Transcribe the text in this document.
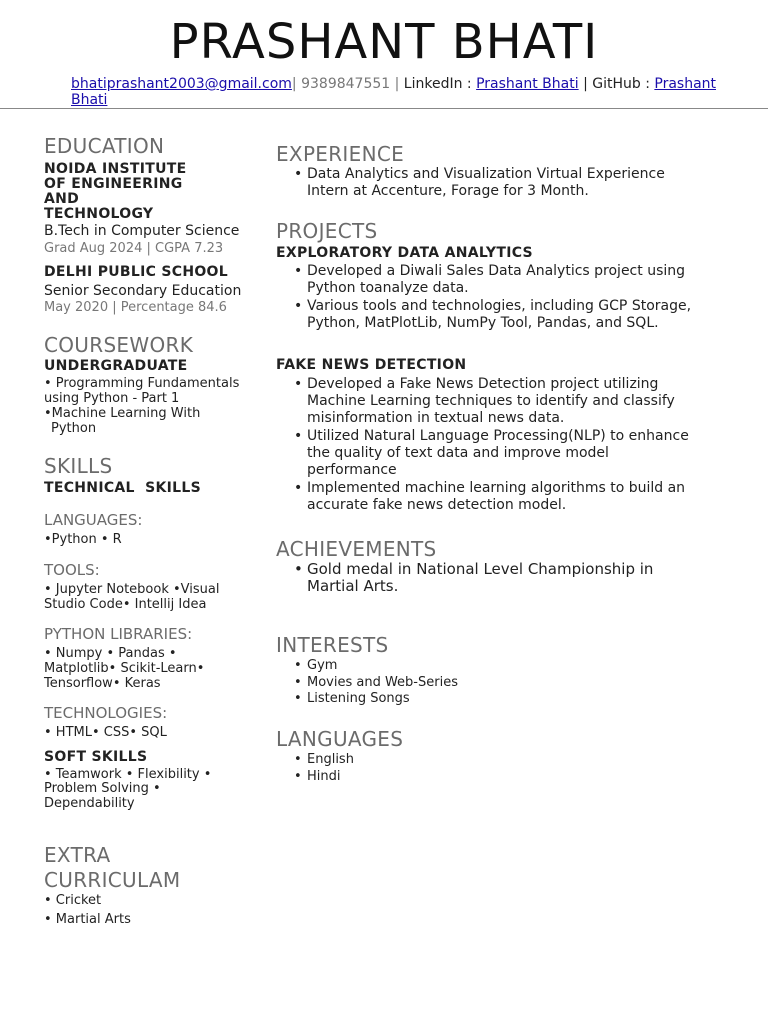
PRASHANT BHATI
bhatiprashant2003@gmail.com| 9389847551 | LinkedIn : Prashant Bhati | GitHub : Prashant Bhati
EDUCATION
NOIDA INSTITUTE
OF ENGINEERING
AND
TECHNOLOGY
B.Tech in Computer Science
Grad Aug 2024 | CGPA 7.23
DELHI PUBLIC SCHOOL
Senior Secondary Education
May 2020 | Percentage 84.6
COURSEWORK
UNDERGRADUATE
• Programming Fundamentals
using Python - Part 1
•Machine Learning With
Python
SKILLS
TECHNICAL  SKILLS
LANGUAGES:
•Python • R
TOOLS:
• Jupyter Notebook •Visual
Studio Code• Intellij Idea
PYTHON LIBRARIES:
• Numpy • Pandas •
Matplotlib• Scikit-Learn•
Tensorflow• Keras
TECHNOLOGIES:
• HTML• CSS• SQL
SOFT SKILLS
• Teamwork • Flexibility •
Problem Solving •
Dependability
EXTRA
CURRICULAM
• Cricket
• Martial Arts
EXPERIENCE
• Data Analytics and Visualization Virtual Experience Intern at Accenture, Forage for 3 Month.
PROJECTS
EXPLORATORY DATA ANALYTICS
• Developed a Diwali Sales Data Analytics project using Python toanalyze data.
• Various tools and technologies, including GCP Storage, Python, MatPlotLib, NumPy Tool, Pandas, and SQL.
FAKE NEWS DETECTION
• Developed a Fake News Detection project utilizing Machine Learning techniques to identify and classify misinformation in textual news data.
• Utilized Natural Language Processing(NLP) to enhance the quality of text data and improve model performance
• Implemented machine learning algorithms to build an accurate fake news detection model.
ACHIEVEMENTS
• Gold medal in National Level Championship in Martial Arts.
INTERESTS
• Gym
• Movies and Web-Series
• Listening Songs
LANGUAGES
• English
• Hindi
